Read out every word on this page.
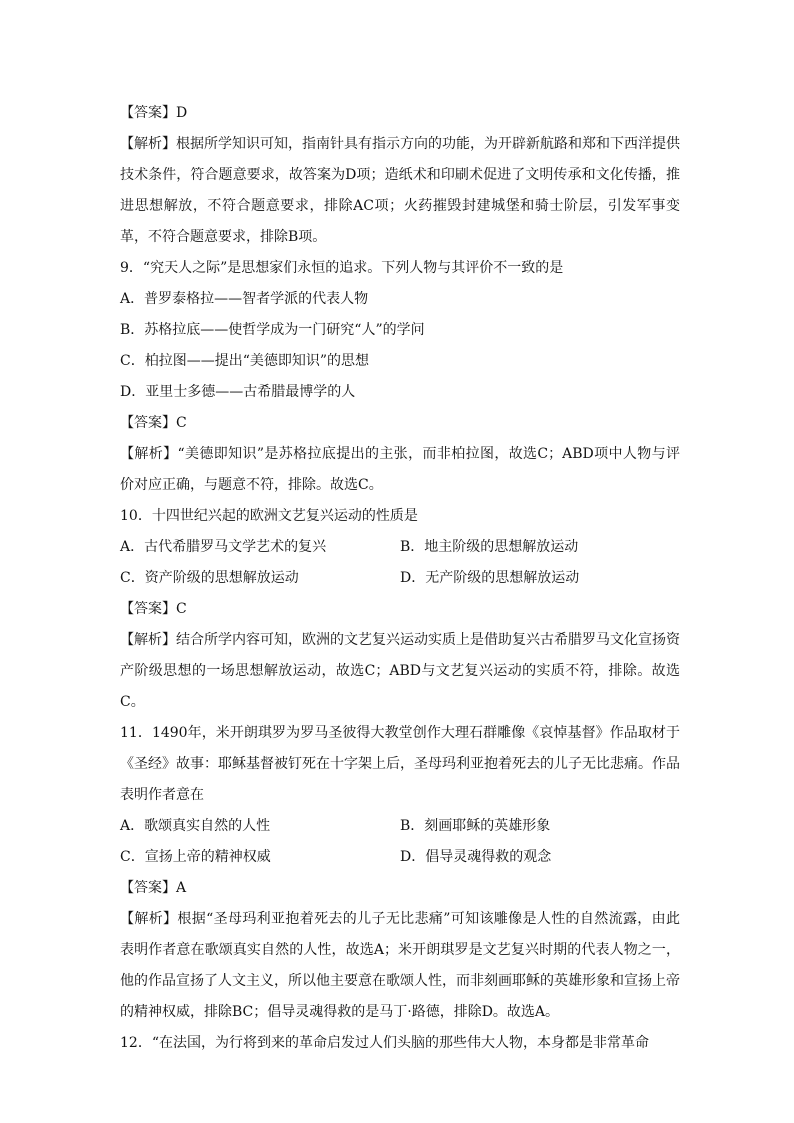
【答案】D
【解析】根据所学知识可知，指南针具有指示方向的功能，为开辟新航路和郑和下西洋提供技术条件，符合题意要求，故答案为D项；造纸术和印刷术促进了文明传承和文化传播，推进思想解放，不符合题意要求，排除AC项；火药摧毁封建城堡和骑士阶层，引发军事变革，不符合题意要求，排除B项。
9．“究天人之际”是思想家们永恒的追求。下列人物与其评价不一致的是
A．普罗泰格拉——智者学派的代表人物
B．苏格拉底——使哲学成为一门研究“人”的学问
C．柏拉图——提出“美德即知识”的思想
D．亚里士多德——古希腊最博学的人
【答案】C
【解析】“美德即知识”是苏格拉底提出的主张，而非柏拉图，故选C；ABD项中人物与评价对应正确，与题意不符，排除。故选C。
10．十四世纪兴起的欧洲文艺复兴运动的性质是
A．古代希腊罗马文学艺术的复兴	B．地主阶级的思想解放运动
C．资产阶级的思想解放运动	D．无产阶级的思想解放运动
【答案】C
【解析】结合所学内容可知，欧洲的文艺复兴运动实质上是借助复兴古希腊罗马文化宣扬资产阶级思想的一场思想解放运动，故选C；ABD与文艺复兴运动的实质不符，排除。故选C。
11．1490年，米开朗琪罗为罗马圣彼得大教堂创作大理石群雕像《哀悼基督》作品取材于《圣经》故事：耶稣基督被钉死在十字架上后，圣母玛利亚抱着死去的儿子无比悲痛。作品表明作者意在
A．歌颂真实自然的人性	B．刻画耶稣的英雄形象
C．宣扬上帝的精神权威	D．倡导灵魂得救的观念
【答案】A
【解析】根据“圣母玛利亚抱着死去的儿子无比悲痛”可知该雕像是人性的自然流露，由此表明作者意在歌颂真实自然的人性，故选A；米开朗琪罗是文艺复兴时期的代表人物之一，他的作品宣扬了人文主义，所以他主要意在歌颂人性，而非刻画耶稣的英雄形象和宣扬上帝的精神权威，排除BC；倡导灵魂得救的是马丁·路德，排除D。故选A。
12．“在法国，为行将到来的革命启发过人们头脑的那些伟大人物，本身都是非常革命
